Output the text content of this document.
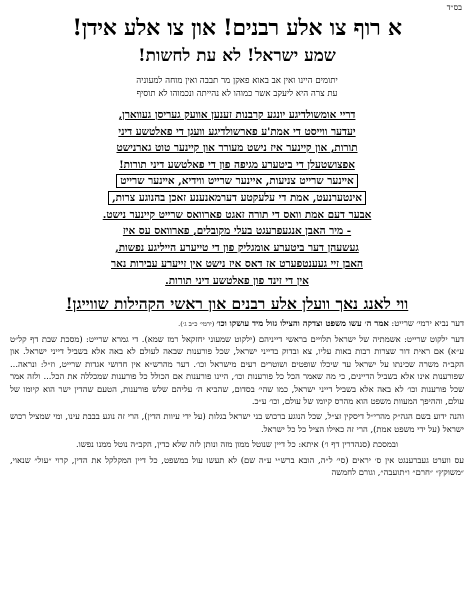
בס״ד
א רוף צו אלע רבנים! און צו אלע אידן!
שמע ישראל! לא עת לחשות!
יתומים היינו ואין אב באוא פאקן מר תבבה ואין מוחה למעוניה
עת צרה היא ליעקב אשר כמוהו לא נהייתה ונכמוהו לא תוסיף
דריי אומשולדיגע יונגע קרבנות זענען אוועק געריסן געווארן,
יעדער ווייסט די אמת'ע פארשולדיגע וועגן די פאלטשע דיני
תורות, און קיינער איז נישט מעורר און קיינער טוט גארנישט
אפצושטעלן די ביטערע מגיפה פון די פאלטשע דיני תורות!
איינער שרייט צניעות, איינער שרייט ווידיא, איינער שרייט
אינטערנעט, אמת די עלעקטע דערמאנענע זאכן בהנוגע צרות,
אבער דעם אמת וואס די תורה זאגט פארוואס שרייט קיינער נישט.
- מיר האבן אנגעפרעגט בעלי מקובלים, פארוואס עס איז
געשעהן דער ביטערע אומגליק פון די טייערע הייליגע נפשות,
האבן זיי געענטפערט אז דאס איז נישט אין זייערע עבירות נאר
אין די זינד פון פאלטשע דיני תורות.
ווי לאנג נאך וועלן אלע רבנים און ראשי הקהילות שווייגן!
דער נביא ירמי׳ שרייט: אמר ה׳ עשו משפט וצדקה והצילו גזול מיד עושקו וכו׳ (ירמי׳ כ״ב ג׳).
דער ילקוט שרייט: אשמתיה של ישראל תלויים בראשי דייניהם (ילקוט שמעוני יחזקאל רמז שמא). די גמרא שרייט: (מסכת שבת דף קל״ט ע״א) אם ראית דור שצרות רבות באות עליו, צא ובדוק בדייני ישראל, שכל פורענות שבאה לעולם לא באה אלא בשביל דייני ישראל. און הקב״ה משרה שכינתו על ישראל עד שיכלו שופטים ושוטרים רעים מישראל וכו׳. דער מהרש״א אין חדושי אגדות שרייט, וז״ל: ונראה... שפורענות אינו אלא בשביל הדיינים, כי מה שאמר הכל כל פורענות וכו׳, היינו פורענות אם הכולל כל פורענות שמכללה את הכל... ולזה אמר שכל פורענות וכו׳ לא באה אלא בשביל דייני ישראל, כמו שהי׳ בסדום, שהביא ה׳ עליהם שלש פורענות, הטעם שהדין ישר הוא קיומו של עולם, וההיפך המעוות משפט הוא מהרס קיומו של עולם, וכו׳ ע״כ.
והנה ידוע בשם הגה״ק מהרי״ל דיסקין זצ״ל, שכל הנוגע ברכוש בני ישראל בגלות (על ידי עיוות הדין), הרי זה נוגע בבבת עינו, ומי שמציל רכוש ישראל (על ידי משפט אמת), הרי זה כאילו הציל כל כל ישראל.
ובמסכת (סנהדרין דף ו׳) איתא: כל דיין שנוטל ממון מזה ונותן לזה שלא כדין, הקב״ה נוטל ממנו נפשו.
עס ווערט געברענגט אין ס׳ יראים (סי׳ ל״ה, הובא ברש״י ע״ה שם) לא תעשו עול במשפט, כל דיין המקלקל את הדין, קרוי ״עול״ שנאוי, ״משוקץ״ ״חרם״ ו״תועבה״, וגורם לחמשה
